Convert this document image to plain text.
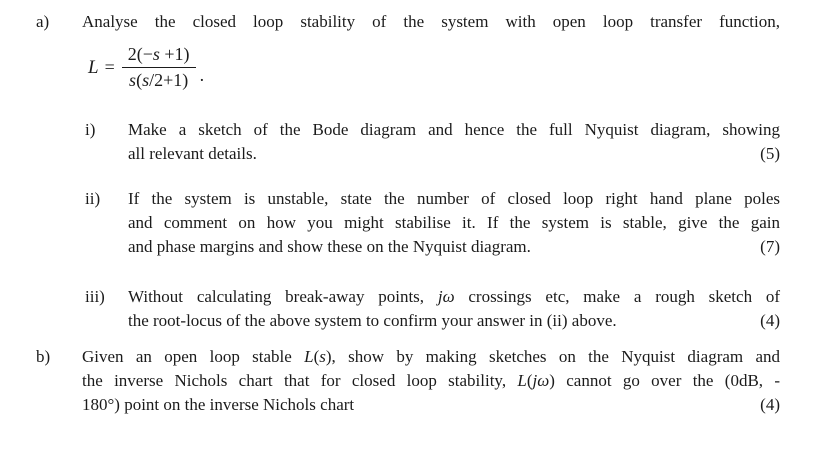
a)	Analyse the closed loop stability of the system with open loop transfer function,
$L = \frac{2(-s +1)}{s(s/2+1)}$ .
i)	Make a sketch of the Bode diagram and hence the full Nyquist diagram, showing
all relevant details.	(5)
ii)	If the system is unstable, state the number of closed loop right hand plane poles
and comment on how you might stabilise it. If the system is stable, give the gain
and phase margins and show these on the Nyquist diagram.	(7)
iii)	Without calculating break-away points, jω crossings etc, make a rough sketch of
the root-locus of the above system to confirm your answer in (ii) above.	(4)
b)	Given an open loop stable L(s), show by making sketches on the Nyquist diagram and
the inverse Nichols chart that for closed loop stability, L(jω) cannot go over the (0dB, -
180°) point on the inverse Nichols chart	(4)
